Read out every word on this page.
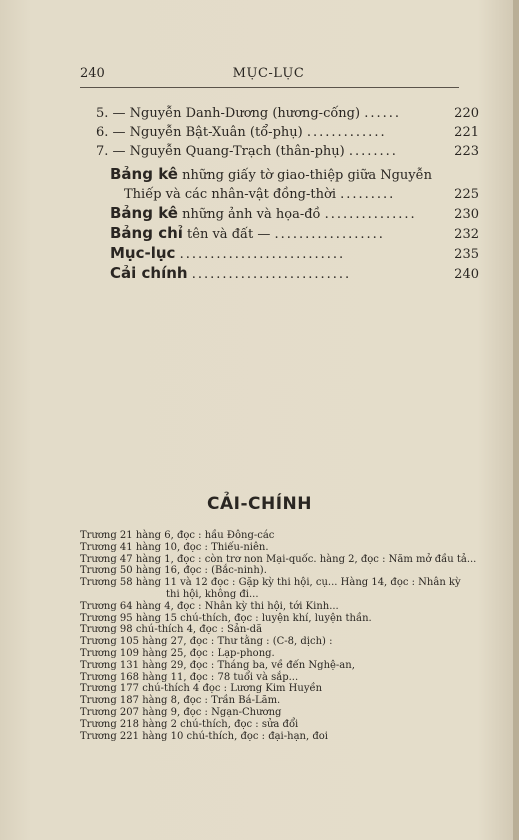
240	MỤC-LỤC
5. — Nguyễn Danh-Dương (hương-cống) ......	220
6. — Nguyễn Bật-Xuân (tổ-phụ) .............	221
7. — Nguyễn Quang-Trạch (thân-phụ) ........	223
Bảng kê những giấy tờ giao-thiệp giữa Nguyễn
Thiếp và các nhân-vật đồng-thời .........	225
Bảng kê những ảnh và họa-đồ ...............	230
Bảng chỉ tên và đất — ..................	232
Mục-lục ...........................	235
Cải chính ..........................	240
CẢI-CHÍNH
Trương 21 hàng 6, đọc : hầu Đông-các
Trương 41 hàng 10, đọc : Thiếu-niên.
Trương 47 hàng 1, đọc : còn trơ non Mại-quốc. hàng 2, đọc : Năm mở đầu tả...
Trương 50 hàng 16, đọc : (Bắc-ninh).
Trương 58 hàng 11 và 12 đọc : Gặp kỳ thi hội, cụ... Hàng 14, đọc : Nhân kỳ
thi hội, không đi...
Trương 64 hàng 4, đọc : Nhân kỳ thi hội, tới Kinh...
Trương 95 hàng 15 chú-thích, đọc : luyện khí, luyện thần.
Trương 98 chú-thích 4, đọc : Sản-dã
Trương 105 hàng 27, đọc : Thư tằng : (C-8, dịch) :
Trương 109 hàng 25, đọc : Lạp-phong.
Trương 131 hàng 29, đọc : Tháng ba, về đến Nghệ-an,
Trương 168 hàng 11, đọc : 78 tuổi và sắp...
Trương 177 chú-thích 4 đọc : Lương Kim Huyền
Trương 187 hàng 8, đọc : Trần Bá-Lãm.
Trương 207 hàng 9, đọc : Ngạn-Chương
Trương 218 hàng 2 chú-thích, đọc : sửa đổi
Trương 221 hàng 10 chú-thích, đọc : đại-hạn, đoi
